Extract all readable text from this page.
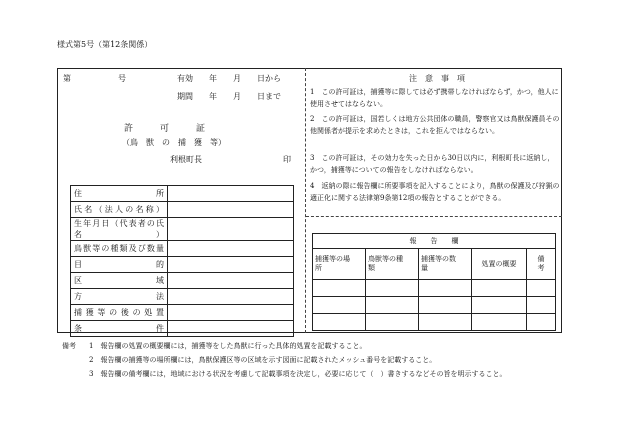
様式第5号（第12条関係）
第	号	有効　　年　　月　　日から
期間　　年　　月　　日まで
許　　　可　　　証
（鳥　獣　の　捕　獲　等）
利根町長	印
住　　所	
氏名（法人の名称）	
生年月日（代表者の氏名）	
鳥獣等の種類及び数量	
目　　的	
区　　域	
方　　法	
捕獲等の後の処置	
条　　件	
注　意　事　項
1　この許可証は，捕獲等に際しては必ず携帯しなければならず，かつ，他人に使用させてはならない。
2　この許可証は，国若しくは地方公共団体の職員，警察官又は鳥獣保護員その他関係者が提示を求めたときは，これを拒んではならない。
3　この許可証は，その効力を失った日から30日以内に，利根町長に返納し，かつ，捕獲等についての報告をしなければならない。
4　返納の際に報告欄に所要事項を記入することにより，鳥獣の保護及び狩猟の適正化に関する法律第9条第12項の報告とすることができる。
報　　告　　欄				
捕獲等の場　　所	鳥獣等の種　　類	捕獲等の数　　量	処置の概要	備　　考

備考 1　報告欄の処置の概要欄には，捕獲等をした鳥獣に行った具体的処置を記載すること。
2　報告欄の捕獲等の場所欄には，鳥獣保護区等の区域を示す図面に記載されたメッシュ番号を記載すること。
3　報告欄の備考欄には，地域における状況を考慮して記載事項を決定し，必要に応じて（　）書きするなどその旨を明示すること。
